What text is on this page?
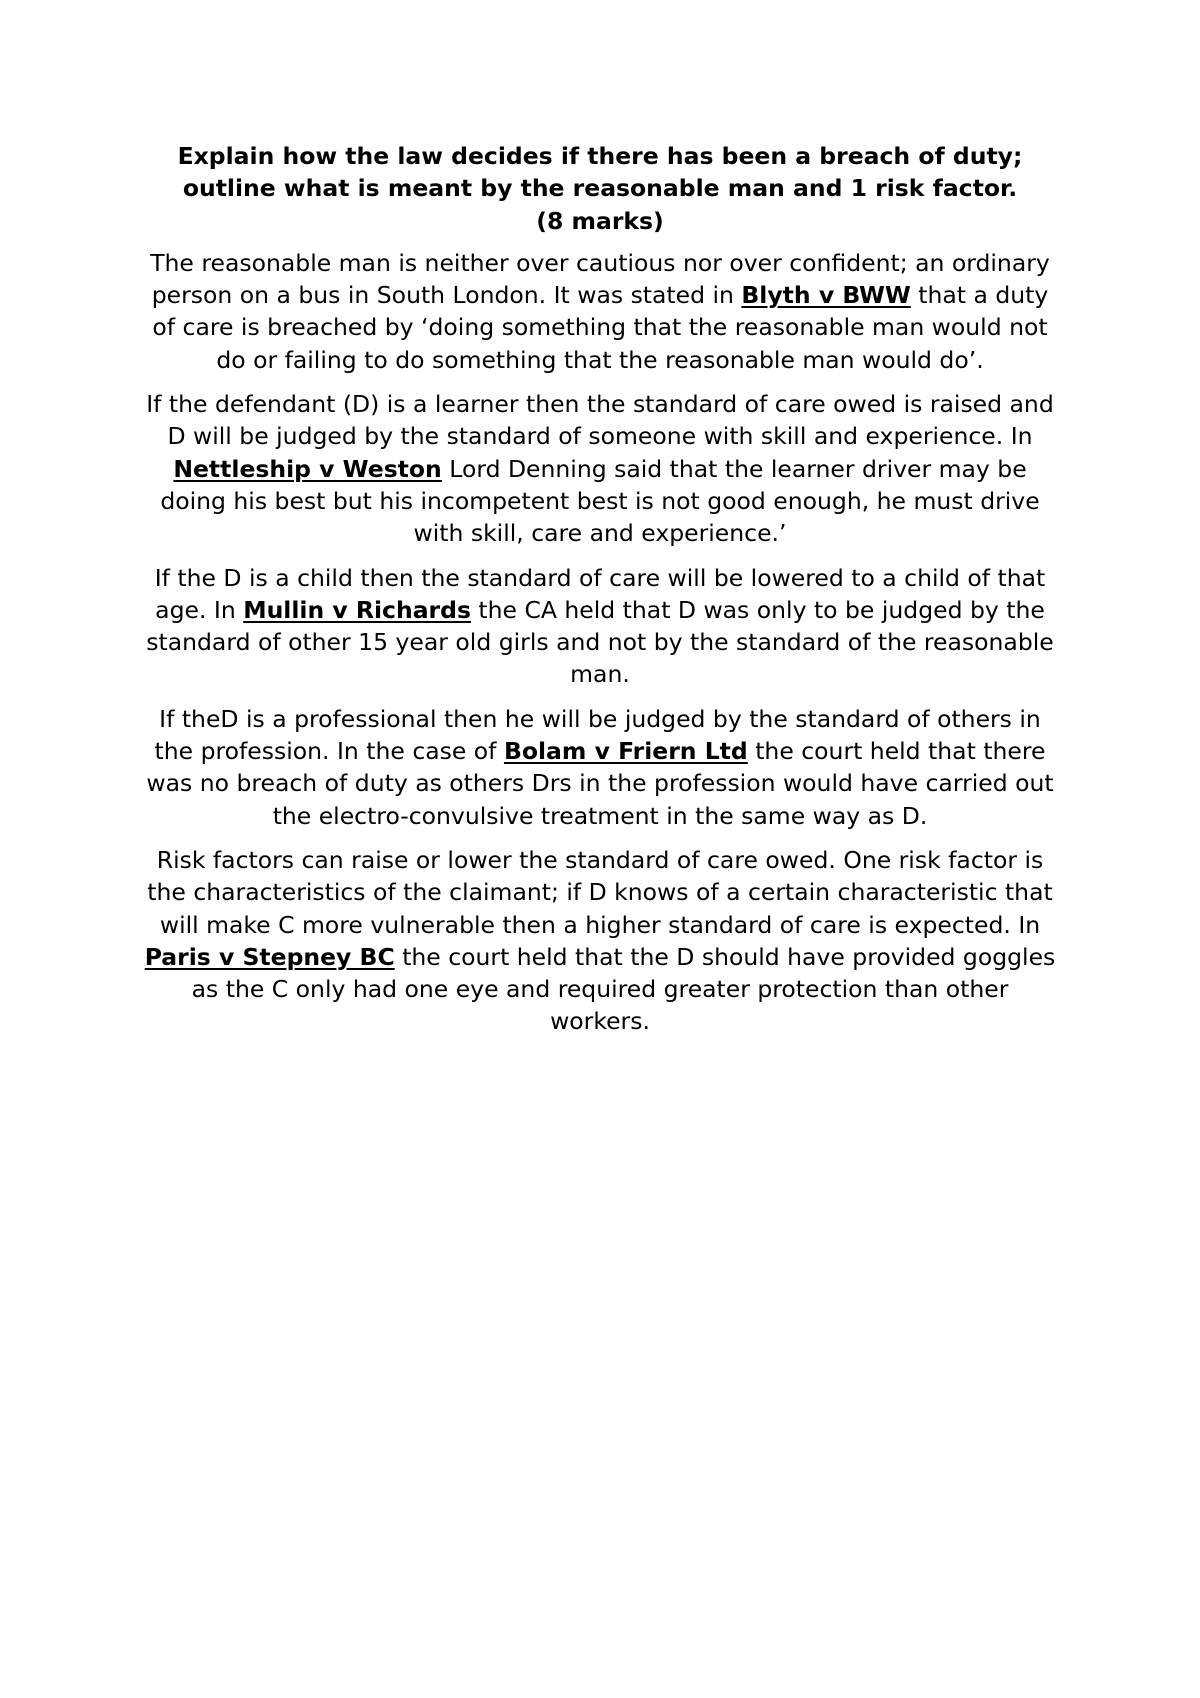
Explain how the law decides if there has been a breach of duty;
outline what is meant by the reasonable man and 1 risk factor.
(8 marks)

The reasonable man is neither over cautious nor over confident; an ordinary person on a bus in South London. It was stated in Blyth v BWW that a duty of care is breached by ‘doing something that the reasonable man would not do or failing to do something that the reasonable man would do’.

If the defendant (D) is a learner then the standard of care owed is raised and D will be judged by the standard of someone with skill and experience. In Nettleship v Weston Lord Denning said that the learner driver may be doing his best but his incompetent best is not good enough, he must drive with skill, care and experience.’

If the D is a child then the standard of care will be lowered to a child of that age. In Mullin v Richards the CA held that D was only to be judged by the standard of other 15 year old girls and not by the standard of the reasonable man.

If theD is a professional then he will be judged by the standard of others in the profession. In the case of Bolam v Friern Ltd the court held that there was no breach of duty as others Drs in the profession would have carried out the electro-convulsive treatment in the same way as D.

Risk factors can raise or lower the standard of care owed. One risk factor is the characteristics of the claimant; if D knows of a certain characteristic that will make C more vulnerable then a higher standard of care is expected. In Paris v Stepney BC the court held that the D should have provided goggles as the C only had one eye and required greater protection than other workers.
